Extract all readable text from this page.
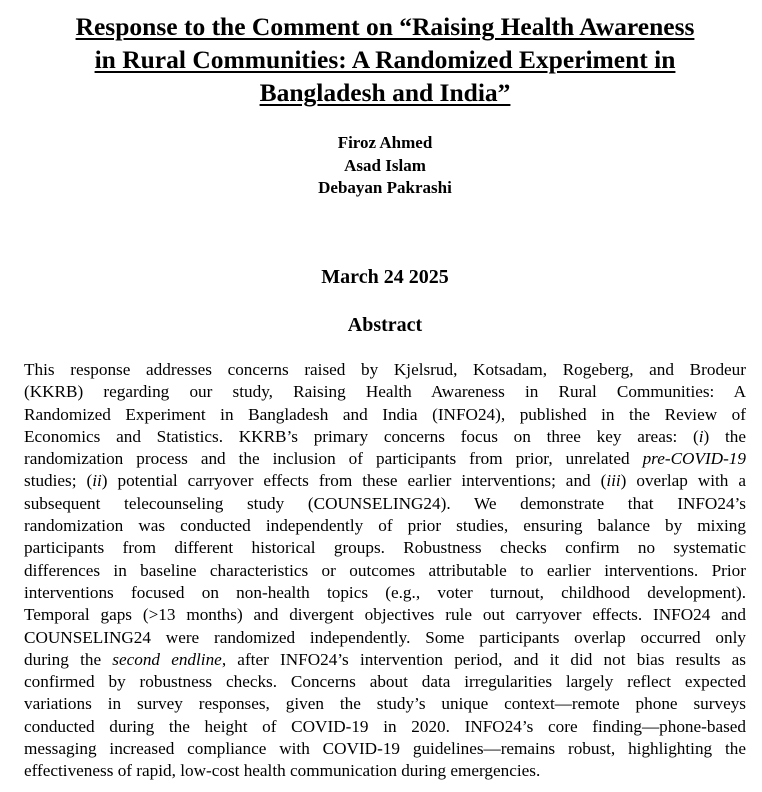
Response to the Comment on “Raising Health Awareness
in Rural Communities: A Randomized Experiment in
Bangladesh and India”
Firoz Ahmed
Asad Islam
Debayan Pakrashi
March 24 2025
Abstract
This response addresses concerns raised by Kjelsrud, Kotsadam, Rogeberg, and Brodeur
(KKRB) regarding our study, Raising Health Awareness in Rural Communities: A
Randomized Experiment in Bangladesh and India (INFO24), published in the Review of
Economics and Statistics. KKRB’s primary concerns focus on three key areas: (i) the
randomization process and the inclusion of participants from prior, unrelated pre-COVID-19
studies; (ii) potential carryover effects from these earlier interventions; and (iii) overlap with a
subsequent telecounseling study (COUNSELING24). We demonstrate that INFO24’s
randomization was conducted independently of prior studies, ensuring balance by mixing
participants from different historical groups. Robustness checks confirm no systematic
differences in baseline characteristics or outcomes attributable to earlier interventions. Prior
interventions focused on non-health topics (e.g., voter turnout, childhood development).
Temporal gaps (>13 months) and divergent objectives rule out carryover effects. INFO24 and
COUNSELING24 were randomized independently. Some participants overlap occurred only
during the second endline, after INFO24’s intervention period, and it did not bias results as
confirmed by robustness checks. Concerns about data irregularities largely reflect expected
variations in survey responses, given the study’s unique context—remote phone surveys
conducted during the height of COVID-19 in 2020. INFO24’s core finding—phone-based
messaging increased compliance with COVID-19 guidelines—remains robust, highlighting the
effectiveness of rapid, low-cost health communication during emergencies.
